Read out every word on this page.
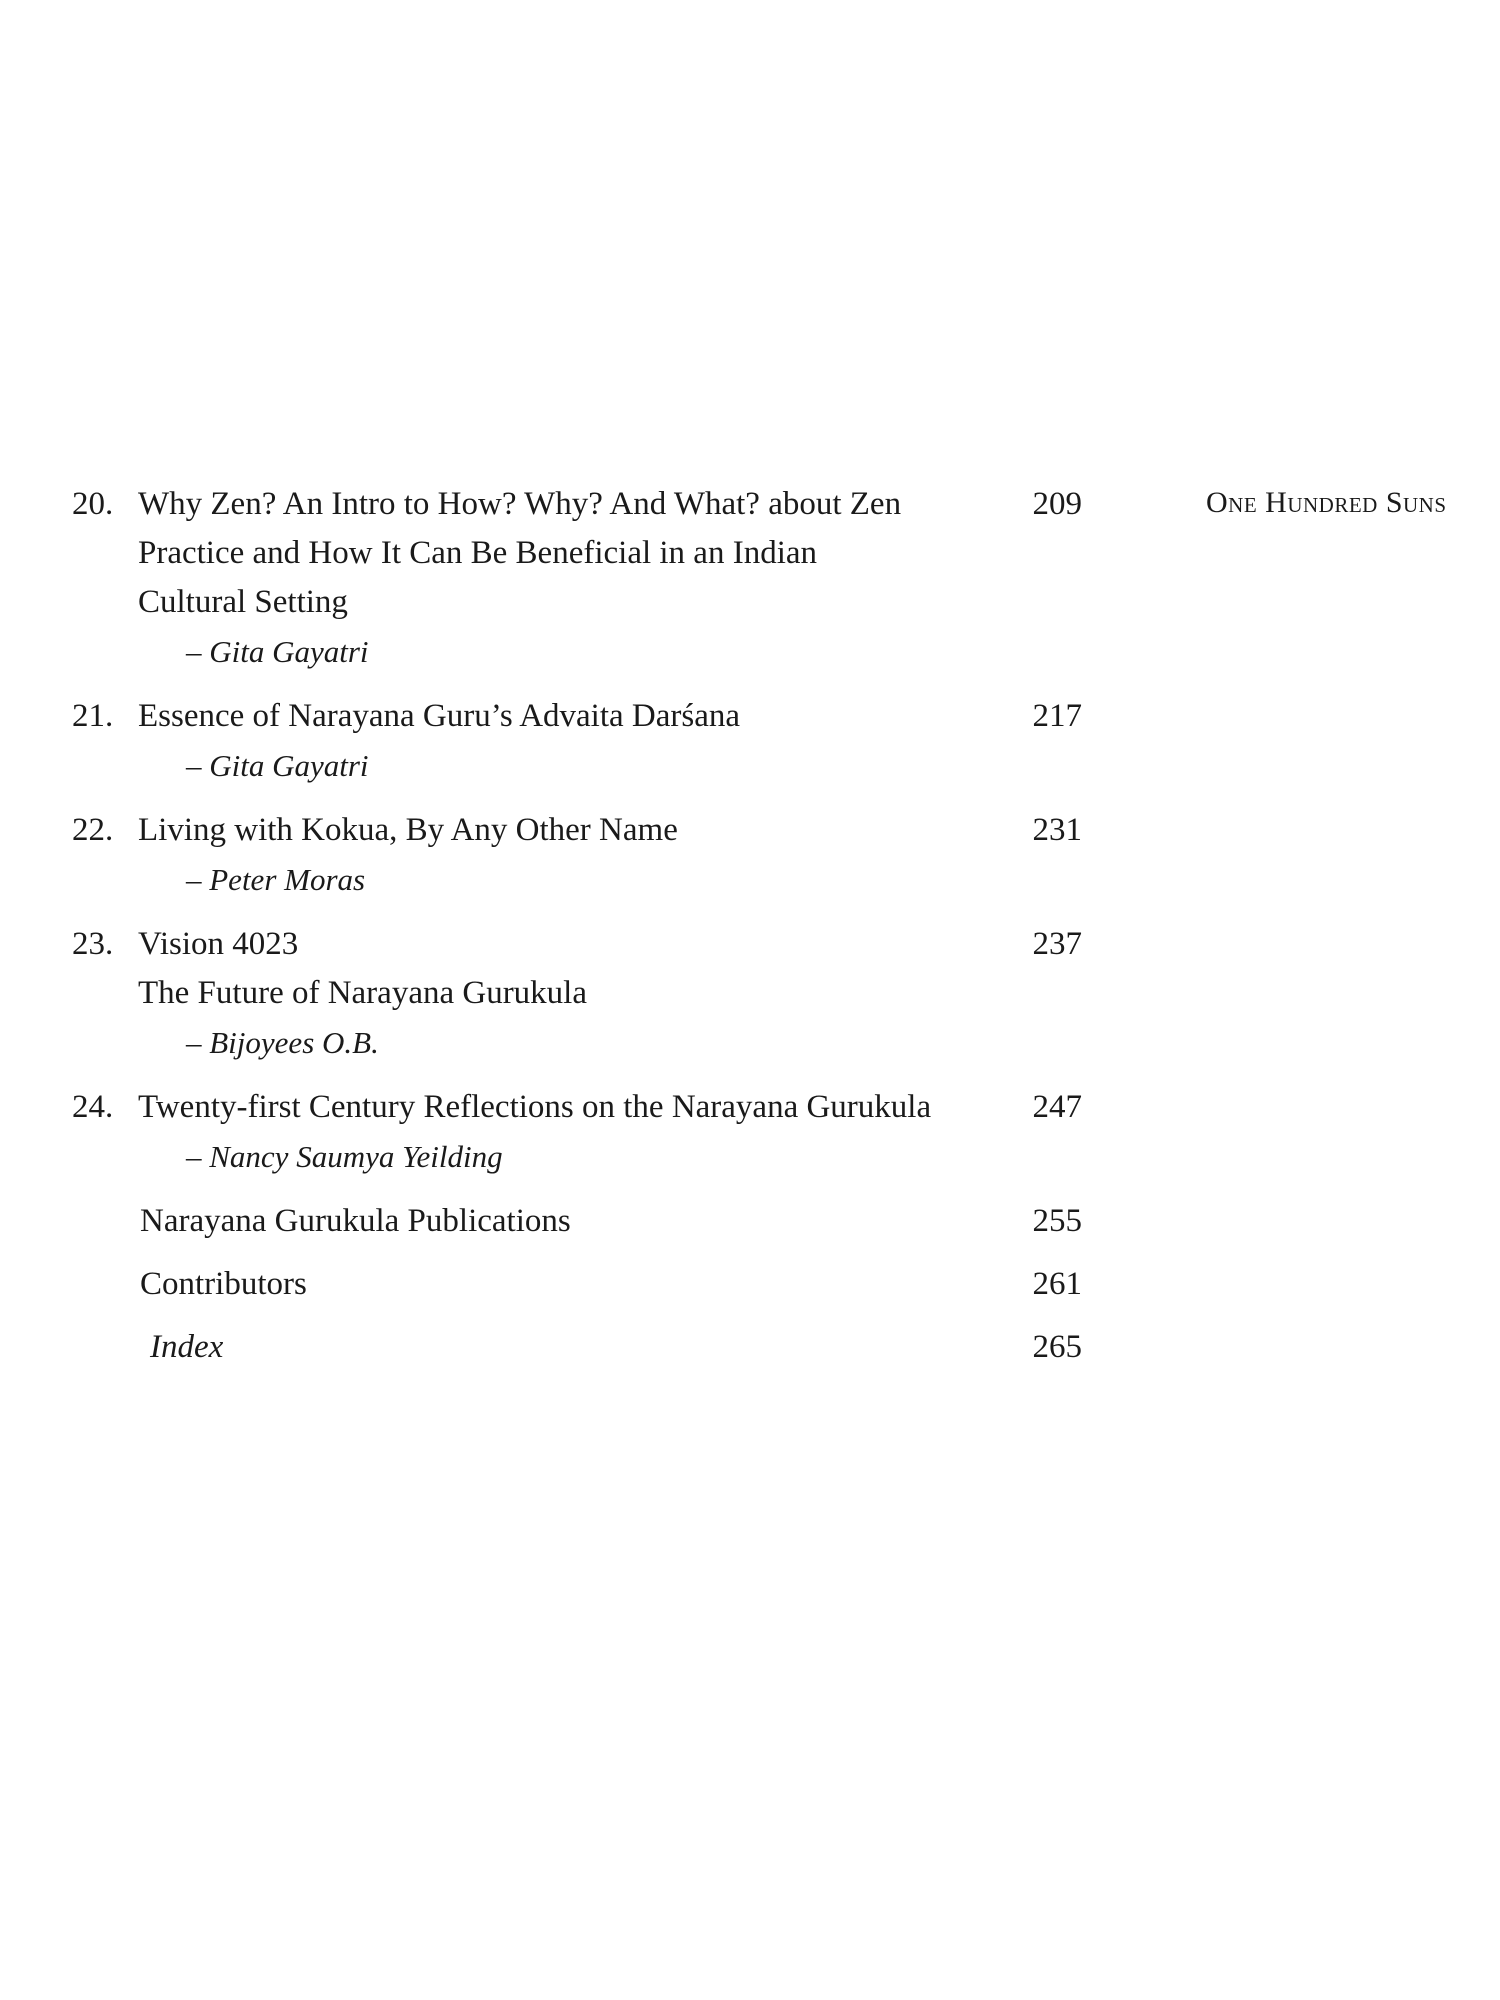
One Hundred Suns
20. Why Zen? An Intro to How? Why? And What? about Zen
Practice and How It Can Be Beneficial in an Indian
Cultural Setting
– Gita Gayatri
209
21. Essence of Narayana Guru’s Advaita Darśana
– Gita Gayatri
217
22. Living with Kokua, By Any Other Name
– Peter Moras
231
23. Vision 4023
The Future of Narayana Gurukula
– Bijoyees O.B.
237
24. Twenty-first Century Reflections on the Narayana Gurukula
– Nancy Saumya Yeilding
247
Narayana Gurukula Publications	255
Contributors	261
Index	265
